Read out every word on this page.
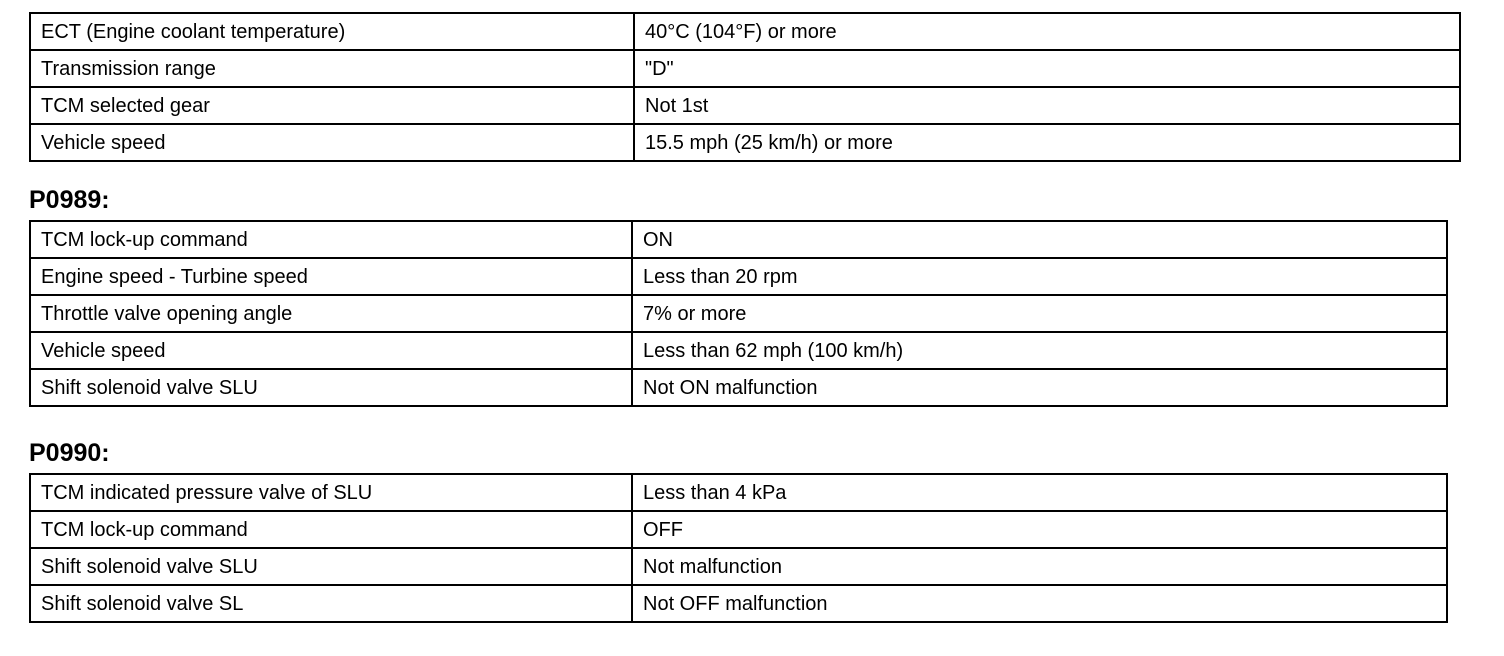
ECT (Engine coolant temperature)	40°C (104°F) or more
Transmission range	"D"
TCM selected gear	Not 1st
Vehicle speed	15.5 mph (25 km/h) or more
P0989:
TCM lock-up command	ON
Engine speed - Turbine speed	Less than 20 rpm
Throttle valve opening angle	7% or more
Vehicle speed	Less than 62 mph (100 km/h)
Shift solenoid valve SLU	Not ON malfunction
P0990:
TCM indicated pressure valve of SLU	Less than 4 kPa
TCM lock-up command	OFF
Shift solenoid valve SLU	Not malfunction
Shift solenoid valve SL	Not OFF malfunction
